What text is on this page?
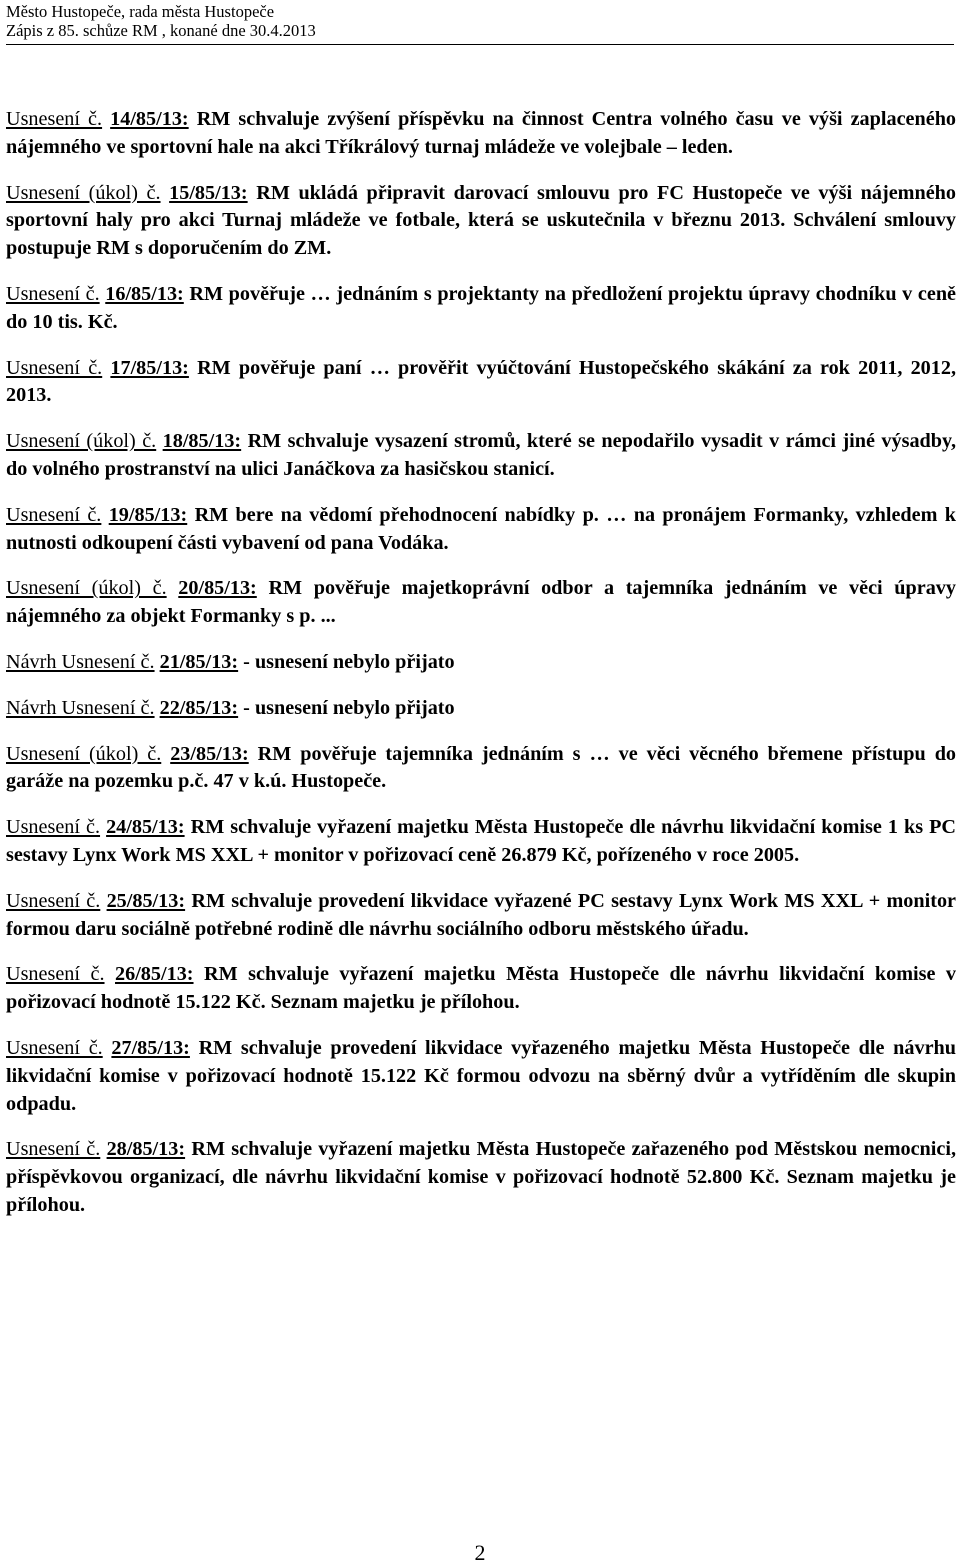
Město Hustopeče, rada města Hustopeče
Zápis z 85. schůze RM , konané dne 30.4.2013

Usnesení č. 14/85/13: RM schvaluje zvýšení příspěvku na činnost Centra volného času ve výši zaplaceného nájemného ve sportovní hale na akci Tříkrálový turnaj mládeže ve volejbale – leden.

Usnesení (úkol) č. 15/85/13: RM ukládá připravit darovací smlouvu pro FC Hustopeče ve výši nájemného sportovní haly pro akci Turnaj mládeže ve fotbale, která se uskutečnila v březnu 2013. Schválení smlouvy postupuje RM s doporučením do ZM.

Usnesení č. 16/85/13: RM pověřuje … jednáním s projektanty na předložení projektu úpravy chodníku v ceně do 10 tis. Kč.

Usnesení č. 17/85/13: RM pověřuje paní … prověřit vyúčtování Hustopečského skákání za rok 2011, 2012, 2013.

Usnesení (úkol) č. 18/85/13: RM schvaluje vysazení stromů, které se nepodařilo vysadit v rámci jiné výsadby, do volného prostranství na ulici Janáčkova za hasičskou stanicí.

Usnesení č. 19/85/13: RM bere na vědomí přehodnocení nabídky p. … na pronájem Formanky, vzhledem k nutnosti odkoupení části vybavení od pana Vodáka.

Usnesení (úkol) č. 20/85/13: RM pověřuje majetkoprávní odbor a tajemníka jednáním ve věci úpravy nájemného za objekt Formanky s p. ...

Návrh Usnesení č. 21/85/13: - usnesení nebylo přijato

Návrh Usnesení č. 22/85/13: - usnesení nebylo přijato

Usnesení (úkol) č. 23/85/13: RM pověřuje tajemníka jednáním s … ve věci věcného břemene přístupu do garáže na pozemku p.č. 47 v k.ú. Hustopeče.

Usnesení č. 24/85/13: RM schvaluje vyřazení majetku Města Hustopeče dle návrhu likvidační komise 1 ks PC sestavy Lynx Work MS XXL + monitor v pořizovací ceně 26.879 Kč, pořízeného v roce 2005.

Usnesení č. 25/85/13: RM schvaluje provedení likvidace vyřazené PC sestavy Lynx Work MS XXL + monitor formou daru sociálně potřebné rodině dle návrhu sociálního odboru městského úřadu.

Usnesení č. 26/85/13: RM schvaluje vyřazení majetku Města Hustopeče dle návrhu likvidační komise v pořizovací hodnotě 15.122 Kč. Seznam majetku je přílohou.

Usnesení č. 27/85/13: RM schvaluje provedení likvidace vyřazeného majetku Města Hustopeče dle návrhu likvidační komise v pořizovací hodnotě 15.122 Kč formou odvozu na sběrný dvůr a vytříděním dle skupin odpadu.

Usnesení č. 28/85/13: RM schvaluje vyřazení majetku Města Hustopeče zařazeného pod Městskou nemocnici, příspěvkovou organizací, dle návrhu likvidační komise v pořizovací hodnotě 52.800 Kč. Seznam majetku je přílohou.

2
